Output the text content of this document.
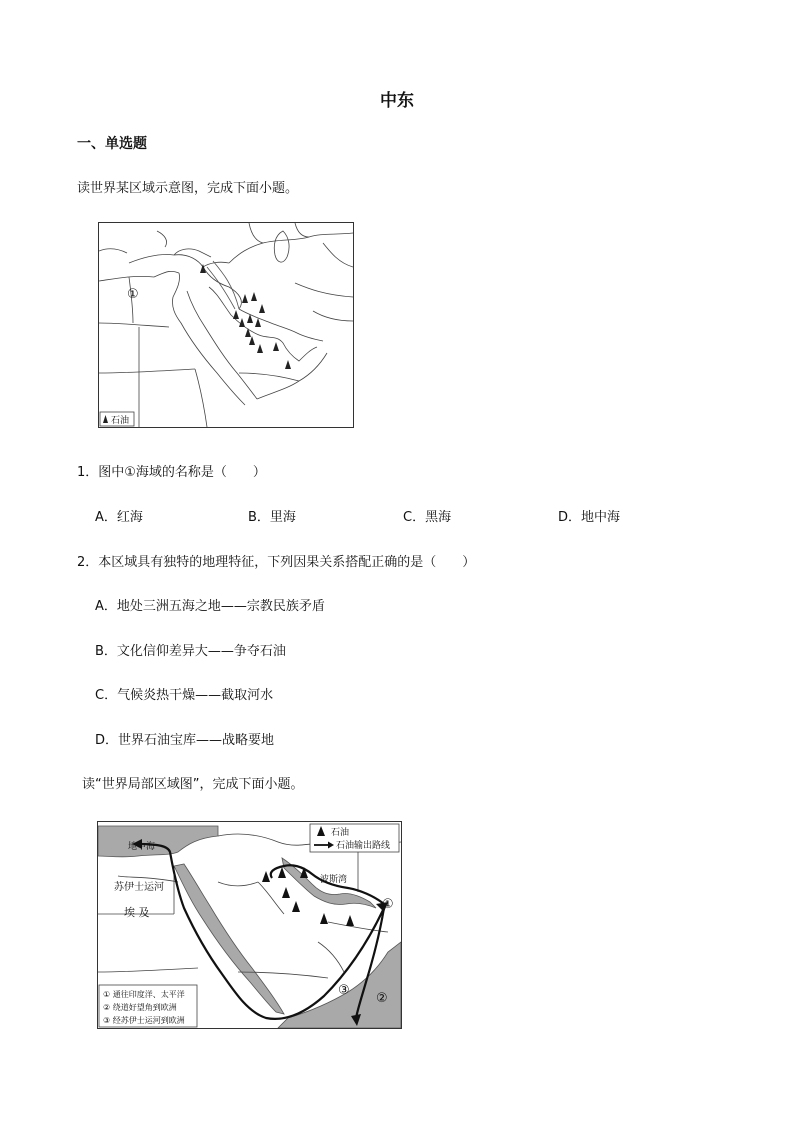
中东
一、单选题
读世界某区域示意图，完成下面小题。
①
石油
1．图中①海域的名称是（　　）
A．红海	B．里海	C．黑海	D．地中海
2．本区域具有独特的地理特征，下列因果关系搭配正确的是（　　）
A．地处三洲五海之地——宗教民族矛盾
B．文化信仰差异大——争夺石油
C．气候炎热干燥——截取河水
D．世界石油宝库——战略要地
读“世界局部区域图”，完成下面小题。
石油
石油输出路线
地中海
苏伊士运河
埃 及
波斯湾
①
②
③
① 通往印度洋、太平洋
② 绕道好望角到欧洲
③ 经苏伊士运河到欧洲
